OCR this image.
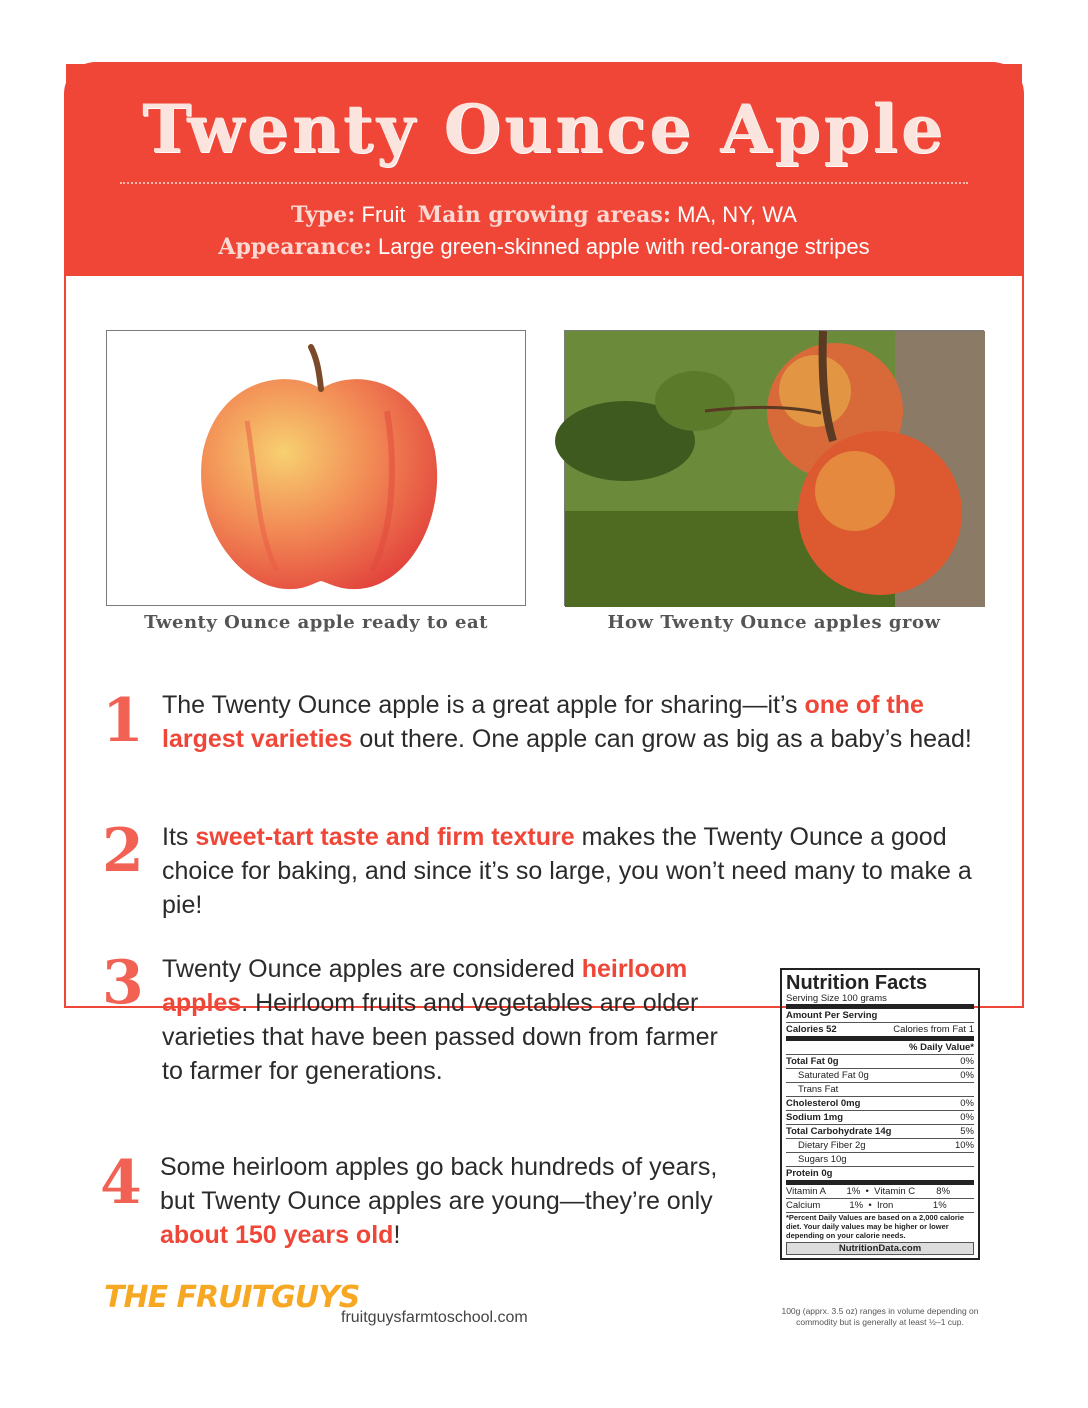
Twenty Ounce Apple
Type: Fruit Main growing areas: MA, NY, WA
Appearance: Large green-skinned apple with red-orange stripes
Twenty Ounce apple ready to eat	How Twenty Ounce apples grow
1 The Twenty Ounce apple is a great apple for sharing—it’s one of the largest varieties out there. One apple can grow as big as a baby’s head!
2 Its sweet-tart taste and firm texture makes the Twenty Ounce a good choice for baking, and since it’s so large, you won’t need many to make a pie!
3 Twenty Ounce apples are considered heirloom apples. Heirloom fruits and vegetables are older varieties that have been passed down from farmer to farmer for generations.
4 Some heirloom apples go back hundreds of years, but Twenty Ounce apples are young—they’re only about 150 years old!
Nutrition Facts
Serving Size 100 grams
Amount Per Serving
Calories 52	Calories from Fat 1
% Daily Value*
Total Fat 0g	0%
Saturated Fat 0g	0%
Trans Fat
Cholesterol 0mg	0%
Sodium 1mg	0%
Total Carbohydrate 14g	5%
Dietary Fiber 2g	10%
Sugars 10g
Protein 0g
Vitamin A        1%  •  Vitamin C        8%
Calcium           1%  •  Iron               1%
*Percent Daily Values are based on a 2,000 calorie diet. Your daily values may be higher or lower depending on your calorie needs.
NutritionData.com
100g (apprx. 3.5 oz) ranges in volume depending on commodity but is generally at least ½–1 cup.
THE FRUITGUYS
fruitguysfarmtoschool.com
